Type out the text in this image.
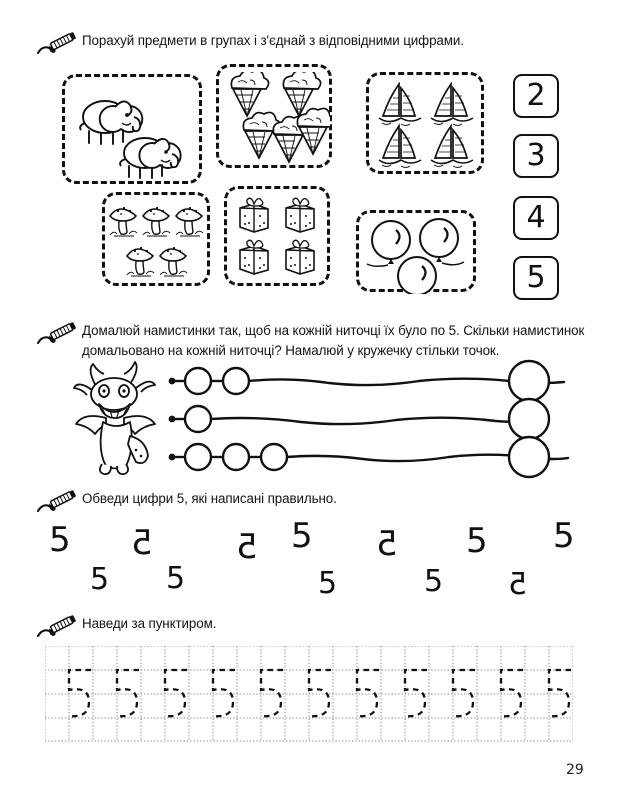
Порахуй предмети в групах і з'єднай з відповідними цифрами.
2
3
4
5
Домалюй намистинки так, щоб на кожній ниточці їх було по 5. Скільки намистинок домальовано на кожній ниточці? Намалюй у кружечку стільки точок.
Обведи цифри 5, які написані правильно.
5 5 5 5 5 5 5
5 5	5	5 5
Наведи за пунктиром.
29
